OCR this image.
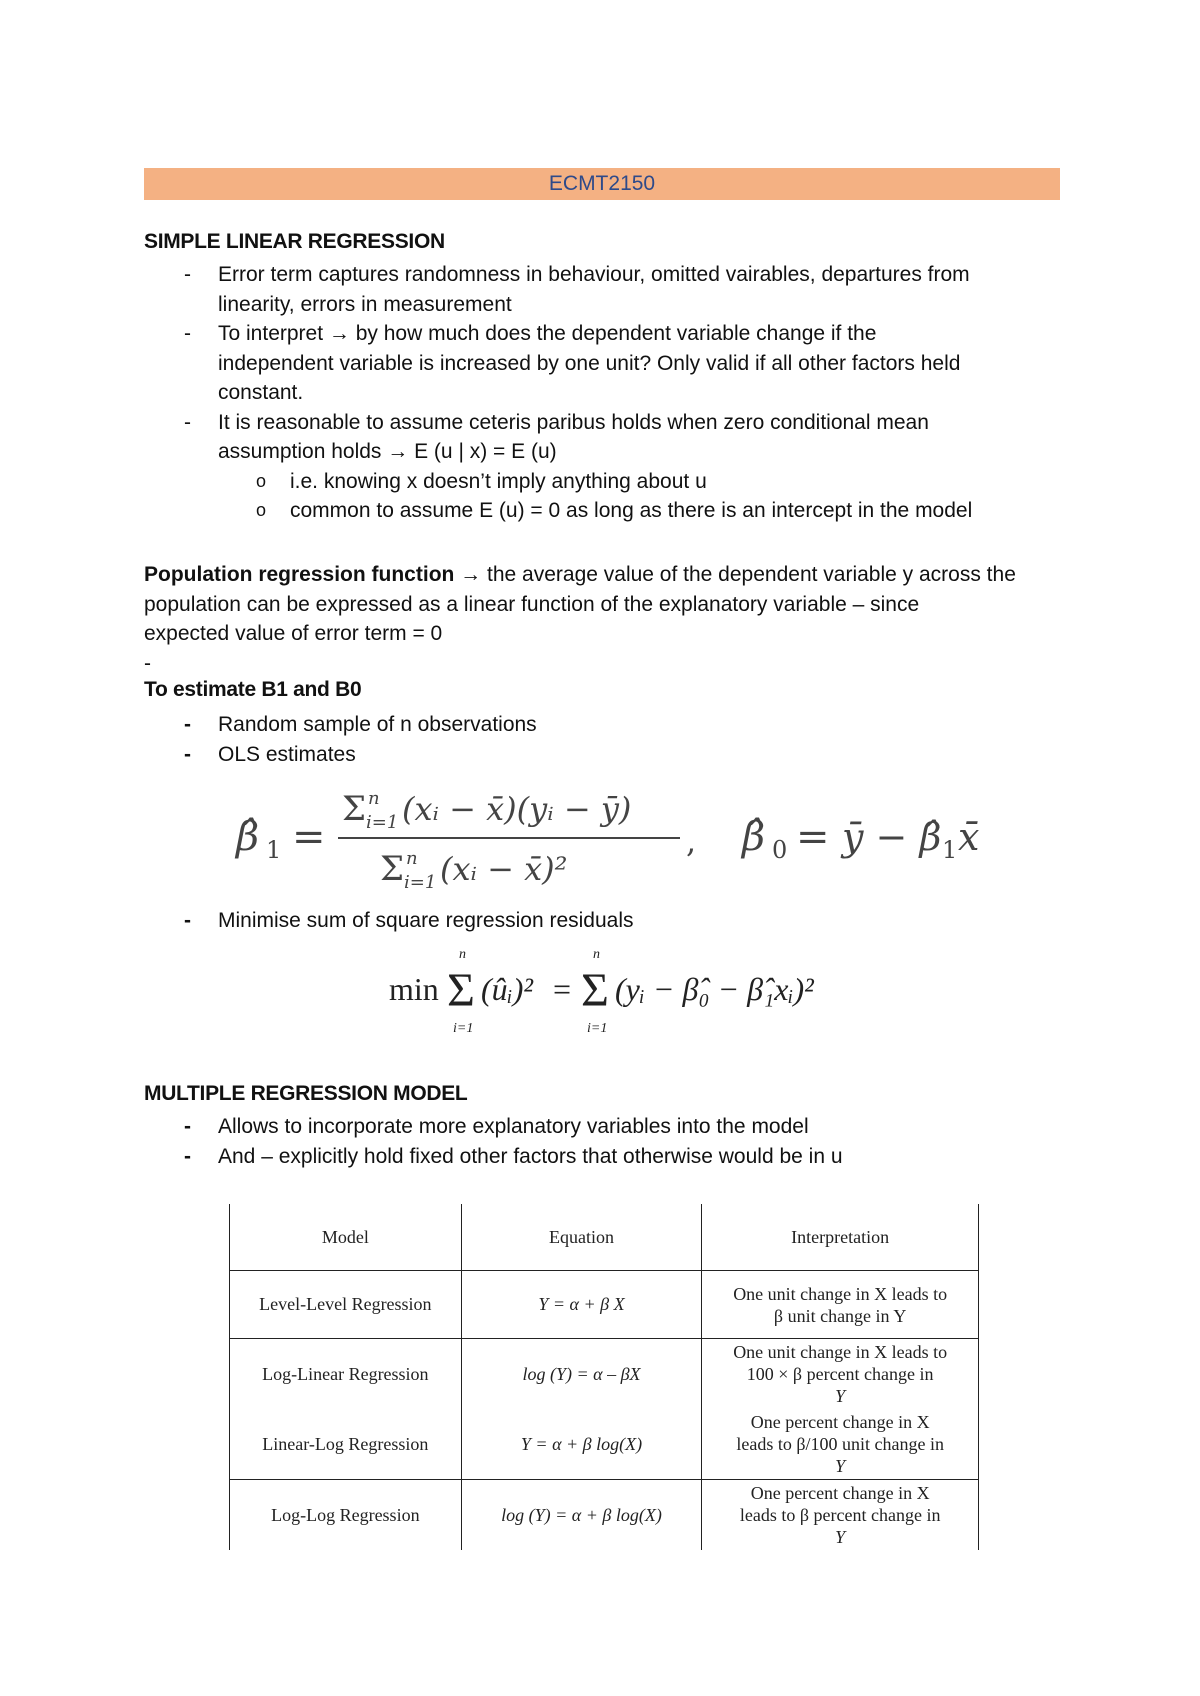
ECMT2150
SIMPLE LINEAR REGRESSION
- Error term captures randomness in behaviour, omitted vairables, departures from
linearity, errors in measurement
- To interpret → by how much does the dependent variable change if the
independent variable is increased by one unit? Only valid if all other factors held
constant.
- It is reasonable to assume ceteris paribus holds when zero conditional mean
assumption holds → E (u | x) = E (u)
o i.e. knowing x doesn’t imply anything about u
o common to assume E (u) = 0 as long as there is an intercept in the model
Population regression function → the average value of the dependent variable y across the
population can be expressed as a linear function of the explanatory variable – since
expected value of error term = 0
-
To estimate B1 and B0
- Random sample of n observations
- OLS estimates
β̂ 1 =
Σ n
i=1 (xᵢ − x̄)(yᵢ − ȳ)
Σ n
i=1 (xᵢ − x̄)²
, β̂ 0 = ȳ − β̂ 1 x̄
- Minimise sum of square regression residuals
min Σ
n
i=1
(ûᵢ)² = Σ
n
i=1
(yᵢ − β̂₀ − β̂₁xᵢ)²
MULTIPLE REGRESSION MODEL
- Allows to incorporate more explanatory variables into the model
- And – explicitly hold fixed other factors that otherwise would be in u
Model	Equation	Interpretation
Level-Level Regression	Y = α + β X	One unit change in X leads to
β unit change in Y

Log-Linear Regression	log (Y) = α – βX	One unit change in X leads to
100 × β percent change in
Y

Linear-Log Regression	Y = α + β log(X)	One percent change in X
leads to β/100 unit change in
Y

Log-Log Regression	log (Y) = α + β log(X)	One percent change in X
leads to β percent change in
Y
